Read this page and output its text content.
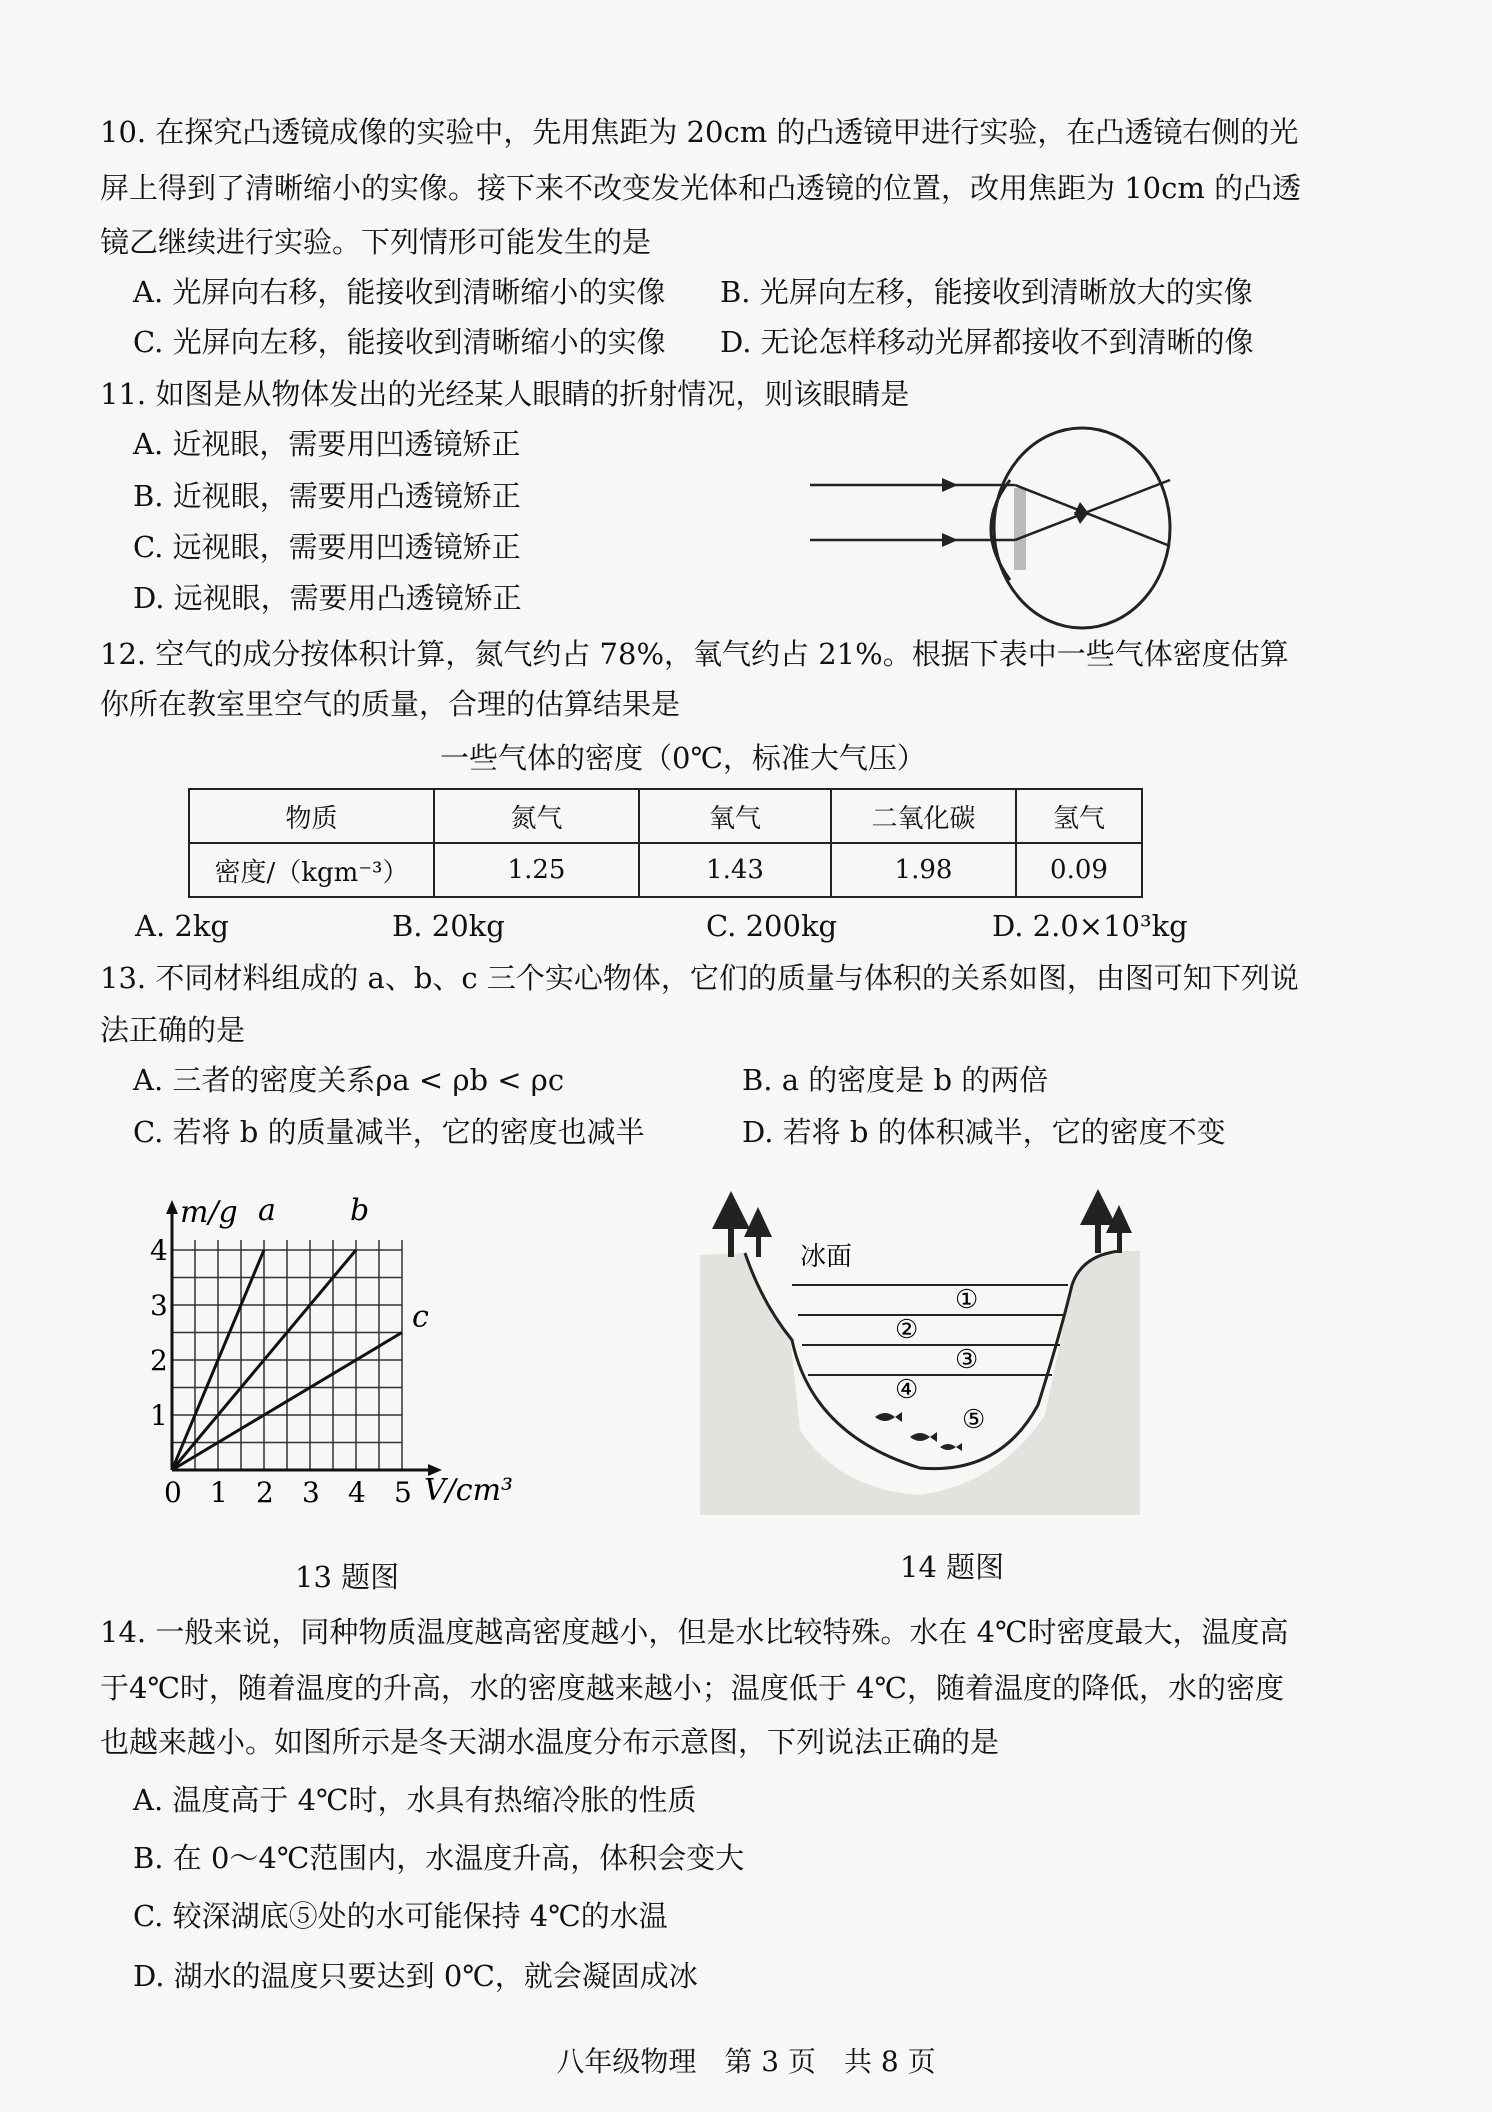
10. 在探究凸透镜成像的实验中，先用焦距为 20cm 的凸透镜甲进行实验，在凸透镜右侧的光
屏上得到了清晰缩小的实像。接下来不改变发光体和凸透镜的位置，改用焦距为 10cm 的凸透
镜乙继续进行实验。下列情形可能发生的是
A. 光屏向右移，能接收到清晰缩小的实像 B. 光屏向左移，能接收到清晰放大的实像
C. 光屏向左移，能接收到清晰缩小的实像 D. 无论怎样移动光屏都接收不到清晰的像
11. 如图是从物体发出的光经某人眼睛的折射情况，则该眼睛是
A. 近视眼，需要用凹透镜矫正
B. 近视眼，需要用凸透镜矫正
C. 远视眼，需要用凹透镜矫正
D. 远视眼，需要用凸透镜矫正
12. 空气的成分按体积计算，氮气约占 78%，氧气约占 21%。根据下表中一些气体密度估算
你所在教室里空气的质量，合理的估算结果是
一些气体的密度（0℃，标准大气压）
物质	氮气	氧气	二氧化碳	氢气
密度/（kgm⁻³）	1.25	1.43	1.98	0.09
A. 2kg	B. 20kg	C. 200kg	D. 2.0×10³kg
13. 不同材料组成的 a、b、c 三个实心物体，它们的质量与体积的关系如图，由图可知下列说
法正确的是
A. 三者的密度关系ρa < ρb < ρc	B. a 的密度是 b 的两倍
C. 若将 b 的质量减半，它的密度也减半	D. 若将 b 的体积减半，它的密度不变
0 1 2 3 4 5
1
2
3
4
m/g
V/cm³
a b
c
13 题图
冰面
①
②
③
④
⑤
14 题图
14. 一般来说，同种物质温度越高密度越小，但是水比较特殊。水在 4℃时密度最大，温度高
于4℃时，随着温度的升高，水的密度越来越小；温度低于 4℃，随着温度的降低，水的密度
也越来越小。如图所示是冬天湖水温度分布示意图，下列说法正确的是
A. 温度高于 4℃时，水具有热缩冷胀的性质
B. 在 0～4℃范围内，水温度升高，体积会变大
C. 较深湖底⑤处的水可能保持 4℃的水温
D. 湖水的温度只要达到 0℃，就会凝固成冰
八年级物理　第 3 页　共 8 页
